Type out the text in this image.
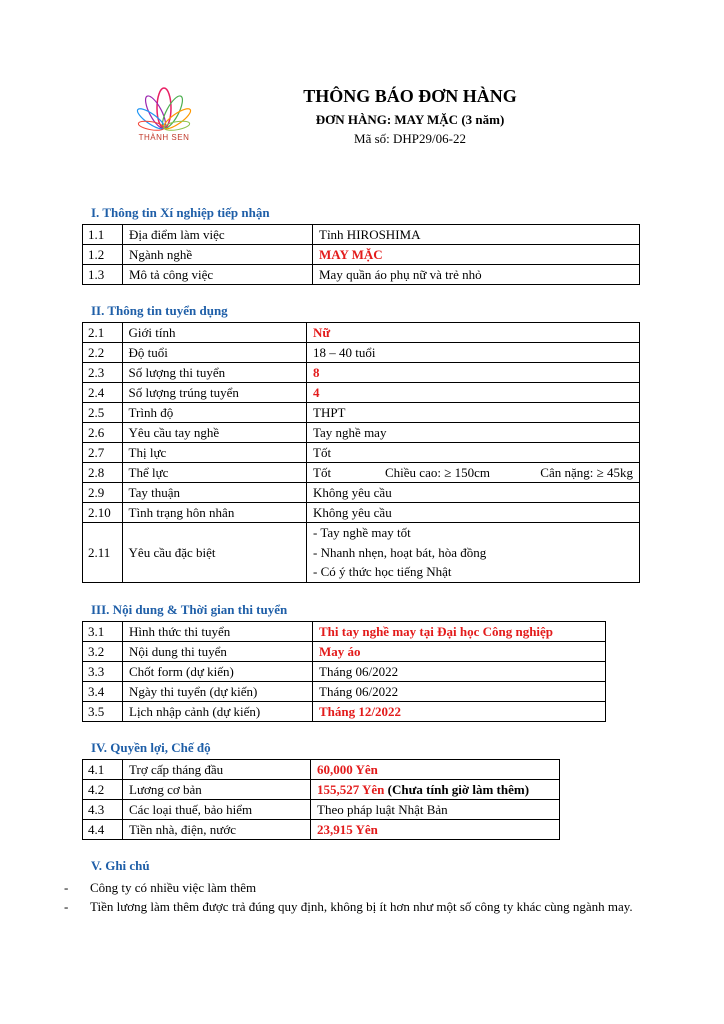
THÀNH SEN
THÔNG BÁO ĐƠN HÀNG
ĐƠN HÀNG: MAY MẶC (3 năm)
Mã số: DHP29/06-22
I. Thông tin Xí nghiệp tiếp nhận
1.1	Địa điểm làm việc	Tỉnh HIROSHIMA
1.2	Ngành nghề	MAY MẶC
1.3	Mô tả công việc	May quần áo phụ nữ và trẻ nhỏ
II. Thông tin tuyển dụng
2.1	Giới tính	Nữ
2.2	Độ tuổi	18 – 40 tuổi
2.3	Số lượng thi tuyển	8
2.4	Số lượng trúng tuyển	4
2.5	Trình độ	THPT
2.6	Yêu cầu tay nghề	Tay nghề may
2.7	Thị lực	Tốt
2.8	Thể lực	Tốt Chiều cao: ≥ 150cm Cân nặng: ≥ 45kg
2.9	Tay thuận	Không yêu cầu
2.10	Tình trạng hôn nhân	Không yêu cầu
2.11	Yêu cầu đặc biệt	- Tay nghề may tốt
- Nhanh nhẹn, hoạt bát, hòa đồng
- Có ý thức học tiếng Nhật
III. Nội dung & Thời gian thi tuyển
3.1	Hình thức thi tuyển	Thi tay nghề may tại Đại học Công nghiệp
3.2	Nội dung thi tuyển	May áo
3.3	Chốt form (dự kiến)	Tháng 06/2022
3.4	Ngày thi tuyển (dự kiến)	Tháng 06/2022
3.5	Lịch nhập cảnh (dự kiến)	Tháng 12/2022
IV. Quyền lợi, Chế độ
4.1	Trợ cấp tháng đầu	60,000 Yên
4.2	Lương cơ bản	155,527 Yên (Chưa tính giờ làm thêm)
4.3	Các loại thuế, bảo hiểm	Theo pháp luật Nhật Bản
4.4	Tiền nhà, điện, nước	23,915 Yên
V. Ghi chú
-	Công ty có nhiều việc làm thêm
-	Tiền lương làm thêm được trả đúng quy định, không bị ít hơn như một số công ty khác cùng ngành may.
